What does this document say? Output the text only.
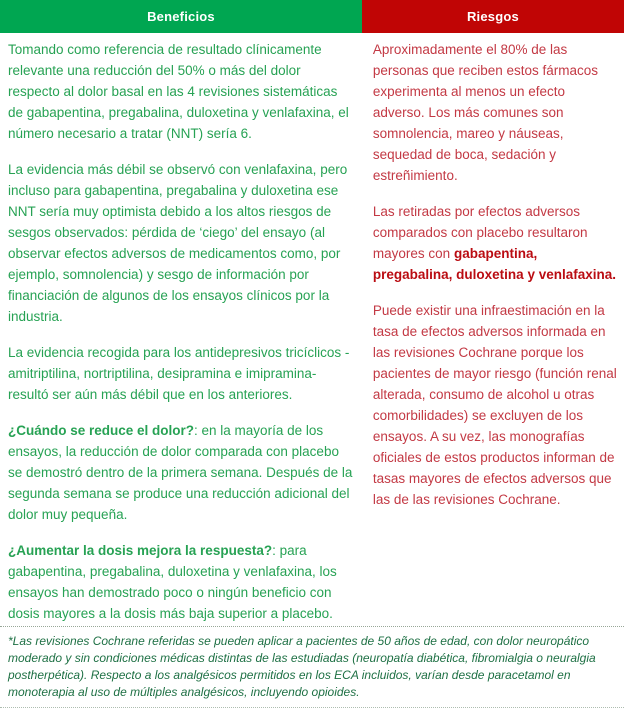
Beneficios	Riesgos

Tomando como referencia de resultado clínicamente relevante una reducción del 50% o más del dolor respecto al dolor basal en las 4 revisiones sistemáticas de gabapentina, pregabalina, duloxetina y venlafaxina, el número necesario a tratar (NNT) sería 6.

La evidencia más débil se observó con venlafaxina, pero incluso para gabapentina, pregabalina y duloxetina ese NNT sería muy optimista debido a los altos riesgos de sesgos observados: pérdida de ‘ciego’ del ensayo (al observar efectos adversos de medicamentos como, por ejemplo, somnolencia) y sesgo de información por financiación de algunos de los ensayos clínicos por la industria.

La evidencia recogida para los antidepresivos tricíclicos - amitriptilina, nortriptilina, desipramina e imipramina- resultó ser aún más débil que en los anteriores.

¿Cuándo se reduce el dolor?: en la mayoría de los ensayos, la reducción de dolor comparada con placebo se demostró dentro de la primera semana. Después de la segunda semana se produce una reducción adicional del dolor muy pequeña.

¿Aumentar la dosis mejora la respuesta?: para gabapentina, pregabalina, duloxetina y venlafaxina, los ensayos han demostrado poco o ningún beneficio con dosis mayores a la dosis más baja superior a placebo.

Aproximadamente el 80% de las personas que reciben estos fármacos experimenta al menos un efecto adverso. Los más comunes son somnolencia, mareo y náuseas, sequedad de boca, sedación y estreñimiento.

Las retiradas por efectos adversos comparados con placebo resultaron mayores con gabapentina, pregabalina, duloxetina y venlafaxina.

Puede existir una infraestimación en la tasa de efectos adversos informada en las revisiones Cochrane porque los pacientes de mayor riesgo (función renal alterada, consumo de alcohol u otras comorbilidades) se excluyen de los ensayos. A su vez, las monografías oficiales de estos productos informan de tasas mayores de efectos adversos que las de las revisiones Cochrane.

*Las revisiones Cochrane referidas se pueden aplicar a pacientes de 50 años de edad, con dolor neuropático moderado y sin condiciones médicas distintas de las estudiadas (neuropatía diabética, fibromialgia o neuralgia postherpética). Respecto a los analgésicos permitidos en los ECA incluidos, varían desde paracetamol en monoterapia al uso de múltiples analgésicos, incluyendo opioides.
